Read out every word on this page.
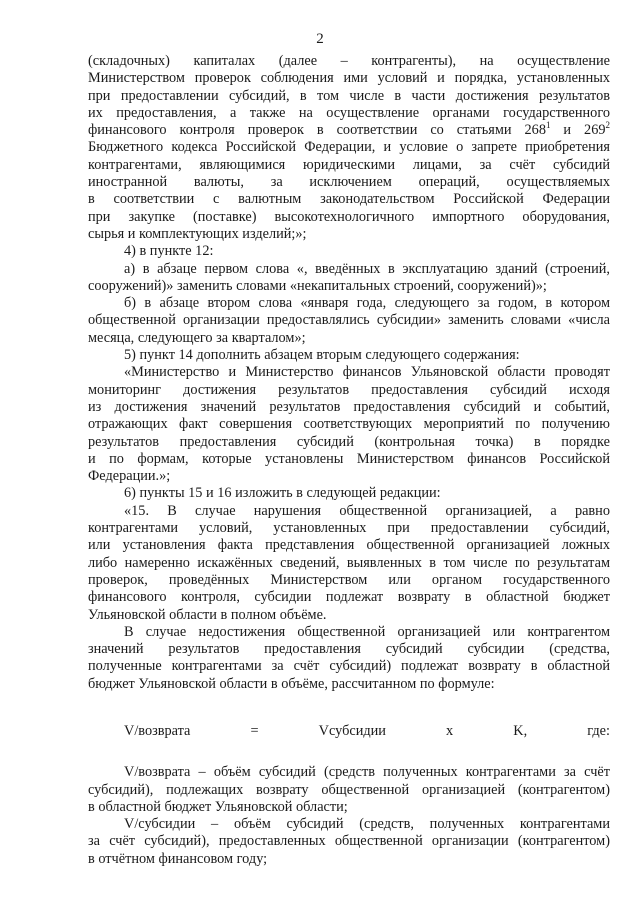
2

(складочных) капиталах (далее – контрагенты), на осуществление

Министерством проверок соблюдения ими условий и порядка, установленных

при предоставлении субсидий, в том числе в части достижения результатов

их предоставления, а также на осуществление органами государственного

финансового контроля проверок в соответствии со статьями $268^1$ и $269^2$

Бюджетного кодекса Российской Федерации, и условие о запрете приобретения

контрагентами, являющимися юридическими лицами, за счёт субсидий

иностранной валюты, за исключением операций, осуществляемых

в соответствии с валютным законодательством Российской Федерации

при закупке (поставке) высокотехнологичного импортного оборудования,

сырья и комплектующих изделий;»;

4) в пункте 12:

а) в абзаце первом слова «, введённых в эксплуатацию зданий (строений,

сооружений)» заменить словами «некапитальных строений, сооружений)»;

б) в абзаце втором слова «января года, следующего за годом, в котором

общественной организации предоставлялись субсидии» заменить словами «числа

месяца, следующего за кварталом»;

5) пункт 14 дополнить абзацем вторым следующего содержания:

«Министерство и Министерство финансов Ульяновской области проводят

мониторинг достижения результатов предоставления субсидий исходя

из достижения значений результатов предоставления субсидий и событий,

отражающих факт совершения соответствующих мероприятий по получению

результатов предоставления субсидий (контрольная точка) в порядке

и по формам, которые установлены Министерством финансов Российской

Федерации.»;

6) пункты 15 и 16 изложить в следующей редакции:

«15. В случае нарушения общественной организацией, а равно

контрагентами условий, установленных при предоставлении субсидий,

или установления факта представления общественной организацией ложных

либо намеренно искажённых сведений, выявленных в том числе по результатам

проверок, проведённых Министерством или органом государственного

финансового контроля, субсидии подлежат возврату в областной бюджет

Ульяновской области в полном объёме.

В случае недостижения общественной организацией или контрагентом

значений результатов предоставления субсидий субсидии (средства,

полученные контрагентами за счёт субсидий) подлежат возврату в областной

бюджет Ульяновской области в объёме, рассчитанном по формуле:

V/возврата = Vсубсидии x K, где:

V/возврата – объём субсидий (средств полученных контрагентами за счёт

субсидий), подлежащих возврату общественной организацией (контрагентом)

в областной бюджет Ульяновской области;

V/субсидии – объём субсидий (средств, полученных контрагентами

за счёт субсидий), предоставленных общественной организации (контрагентом)

в отчётном финансовом году;
